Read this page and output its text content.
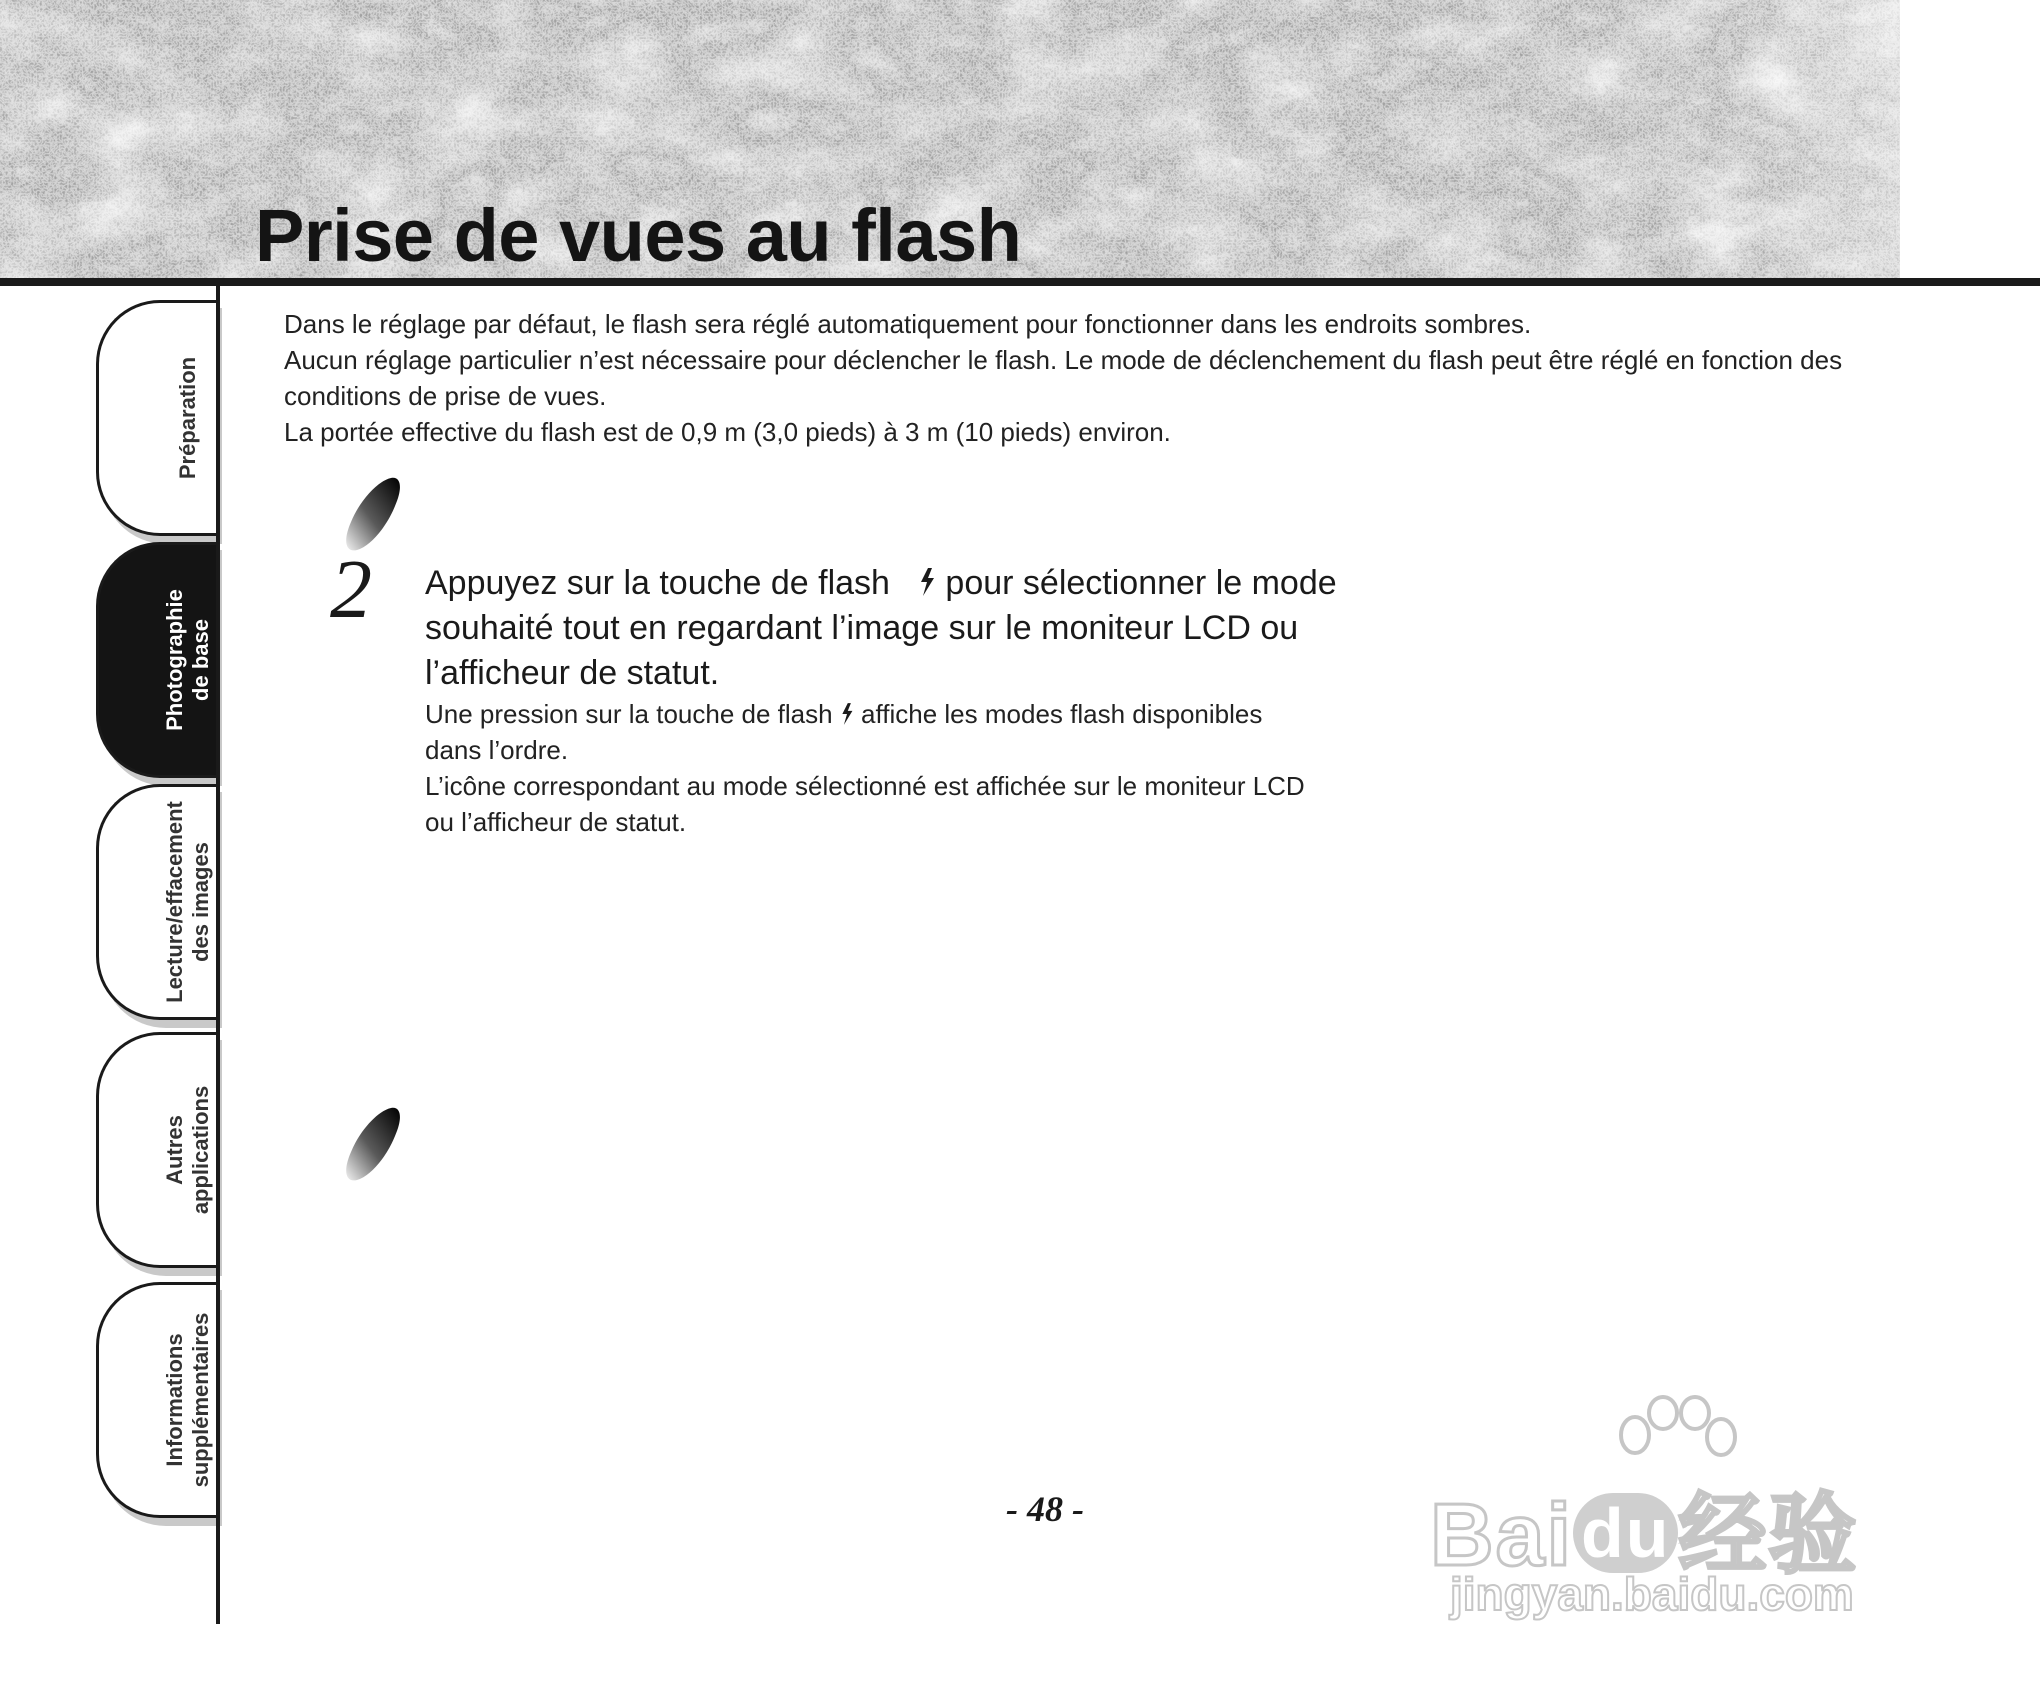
Prise de vues au flash
Préparation
Photographie de base
Lecture/effacement des images
Autres applications
Informations supplémentaires

Dans le réglage par défaut, le flash sera réglé automatiquement pour fonctionner dans les endroits sombres.

Aucun réglage particulier n’est nécessaire pour déclencher le flash. Le mode de déclenchement du flash peut être réglé en fonction des conditions de prise de vues.

La portée effective du flash est de 0,9 m (3,0 pieds) à 3 m (10 pieds) environ.

2 Appuyez sur la touche de flash pour sélectionner le mode souhaité tout en regardant l’image sur le moniteur LCD ou l’afficheur de statut.

Une pression sur la touche de flash affiche les modes flash disponibles dans l’ordre.

L’icône correspondant au mode sélectionné est affichée sur le moniteur LCD ou l’afficheur de statut.

- 48 -	Bai du经验
jingyan.baidu.com
